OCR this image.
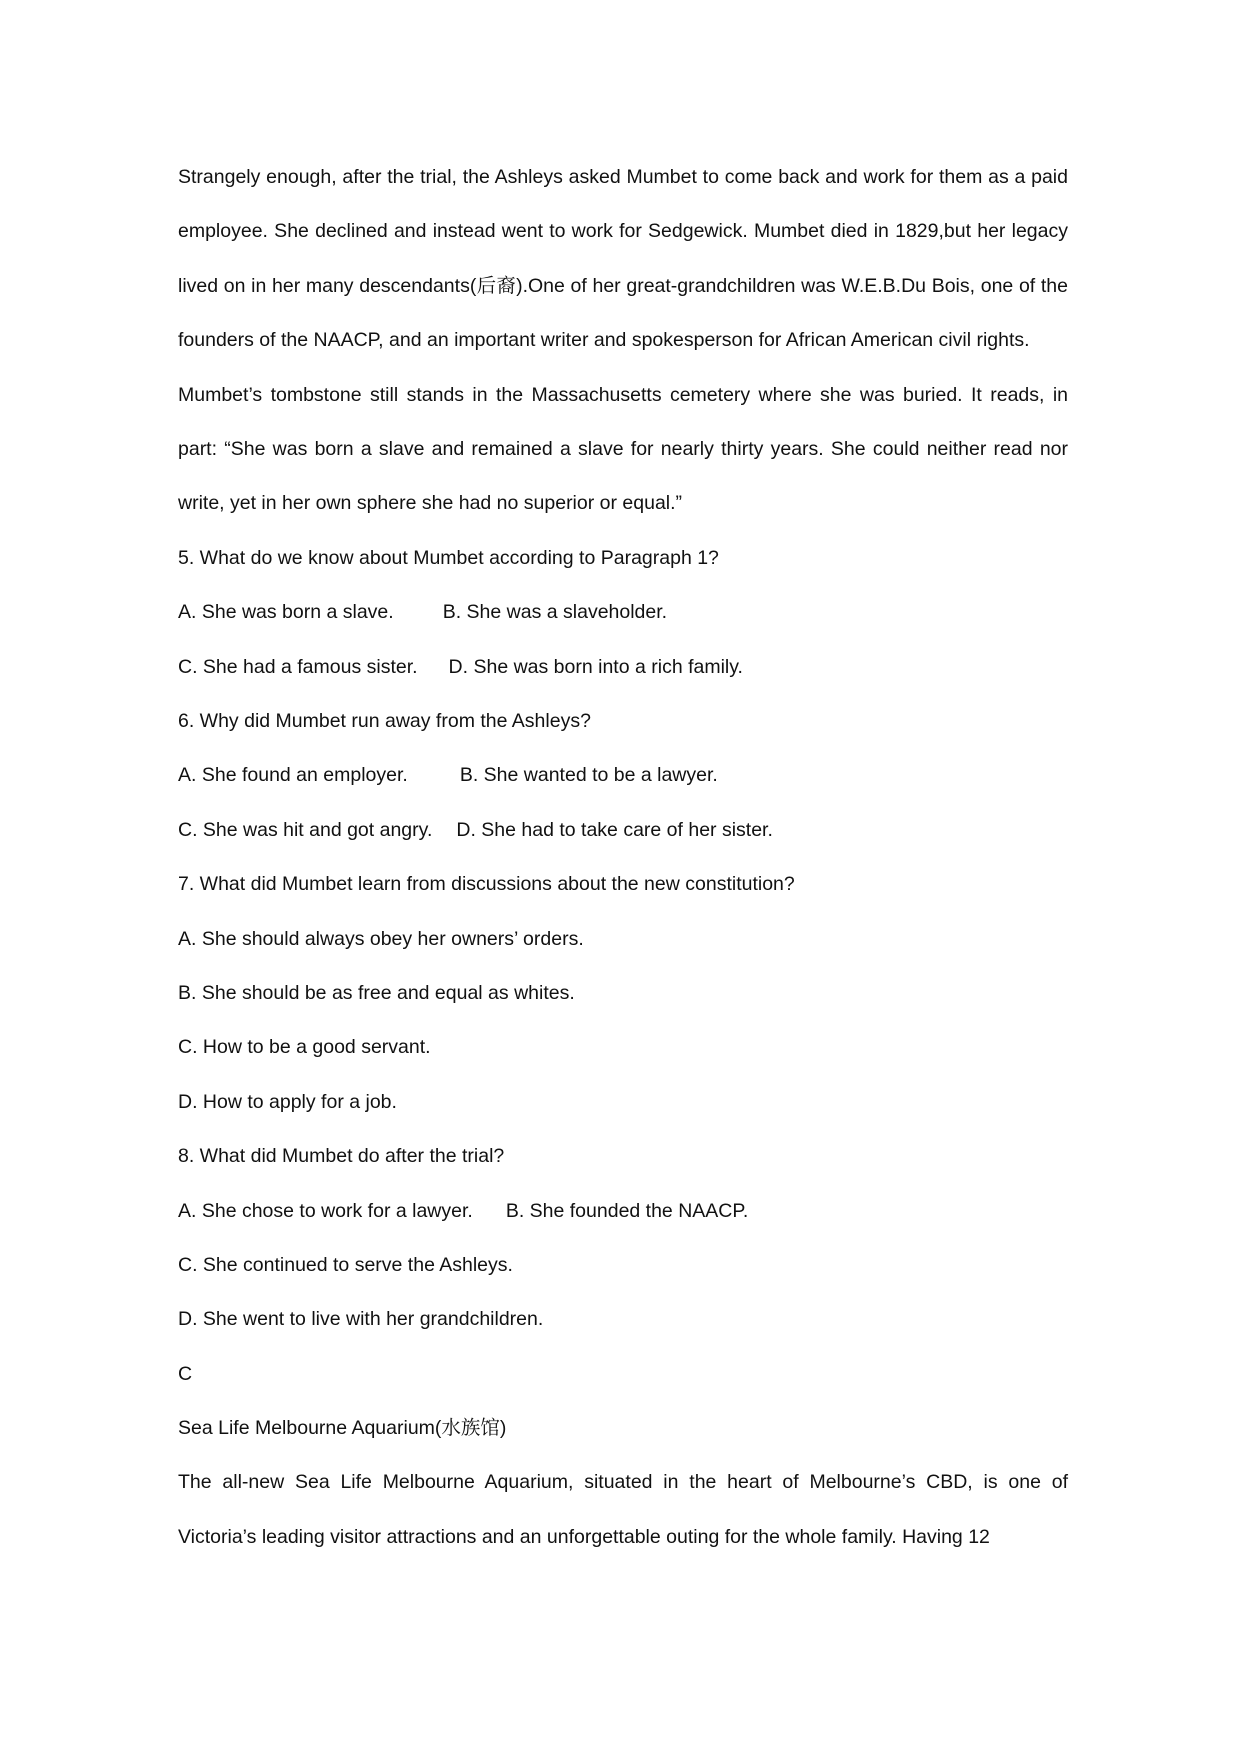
Strangely enough, after the trial, the Ashleys asked Mumbet to come back and work for them as a paid employee. She declined and instead went to work for Sedgewick. Mumbet died in 1829,but her legacy lived on in her many descendants(后裔).One of her great-grandchildren was W.E.B.Du Bois, one of the founders of the NAACP, and an important writer and spokesperson for African American civil rights.

Mumbet’s tombstone still stands in the Massachusetts cemetery where she was buried. It reads, in part: “She was born a slave and remained a slave for nearly thirty years. She could neither read nor write, yet in her own sphere she had no superior or equal.”

5. What do we know about Mumbet according to Paragraph 1?

A. She was born a slave.	B. She was a slaveholder.

C. She had a famous sister. D. She was born into a rich family.

6. Why did Mumbet run away from the Ashleys?

A. She found an employer.	B. She wanted to be a lawyer.

C. She was hit and got angry. D. She had to take care of her sister.

7. What did Mumbet learn from discussions about the new constitution?

A. She should always obey her owners’ orders.

B. She should be as free and equal as whites.

C. How to be a good servant.

D. How to apply for a job.

8. What did Mumbet do after the trial?

A. She chose to work for a lawyer. B. She founded the NAACP.

C. She continued to serve the Ashleys.

D. She went to live with her grandchildren.

C

Sea Life Melbourne Aquarium(水族馆)

The all-new Sea Life Melbourne Aquarium, situated in the heart of Melbourne’s CBD, is one of Victoria’s leading visitor attractions and an unforgettable outing for the whole family. Having 12
